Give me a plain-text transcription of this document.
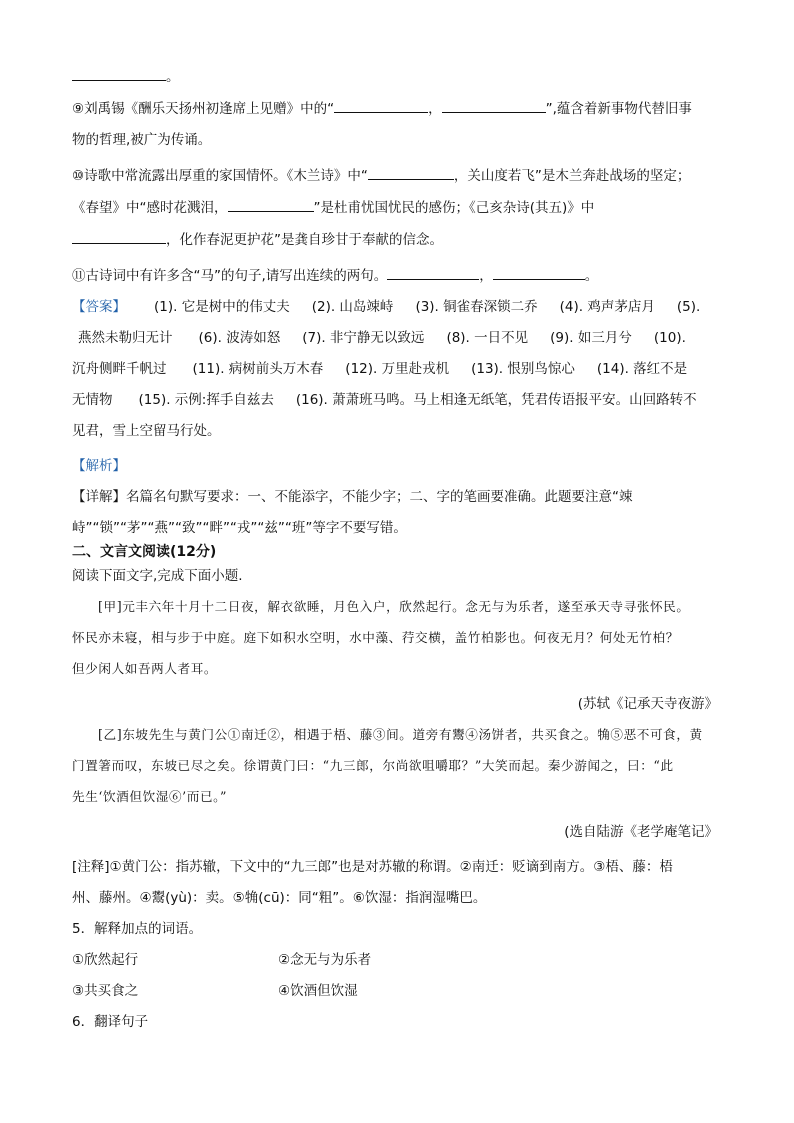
。
⑨刘禹锡《酬乐天扬州初逢席上见赠》中的“	，	”,蕴含着新事物代替旧事
物的哲理,被广为传诵。
⑩诗歌中常流露出厚重的家国情怀。《木兰诗》中“	，关山度若飞”是木兰奔赴战场的坚定；
《春望》中“感时花溅泪，	”是杜甫忧国忧民的感伤；《己亥杂诗(其五)》中
，化作春泥更护花”是龚自珍甘于奉献的信念。
⑪古诗词中有许多含“马”的句子,请写出连续的两句。	，	。
【答案】 (1). 它是树中的伟丈夫 (2). 山岛竦峙 (3). 铜雀春深锁二乔 (4). 鸡声茅店月 (5).
燕然未勒归无计 (6). 波涛如怒 (7). 非宁静无以致远 (8). 一日不见 (9). 如三月兮 (10).
沉舟侧畔千帆过 (11). 病树前头万木春 (12). 万里赴戎机 (13). 恨别鸟惊心 (14). 落红不是
无情物 (15). 示例:挥手自兹去 (16). 萧萧班马鸣。马上相逢无纸笔，凭君传语报平安。山回路转不
见君，雪上空留马行处。
【解析】
【详解】名篇名句默写要求：一、不能添字，不能少字；二、字的笔画要准确。此题要注意“竦
峙”“锁”“茅”“燕”“致”“畔”“戎”“兹”“班”等字不要写错。
二、文言文阅读(12分)
阅读下面文字,完成下面小题.
[甲]元丰六年十月十二日夜，解衣欲睡，月色入户，欣然起行。念无与为乐者，遂至承天寺寻张怀民。
怀民亦未寝，相与步于中庭。庭下如积水空明，水中藻、荇交横，盖竹柏影也。何夜无月？何处无竹柏？
但少闲人如吾两人者耳。
(苏轼《记承天寺夜游》
[乙]东坡先生与黄门公①南迁②，相遇于梧、藤③间。道旁有鬻④汤饼者，共买食之。觕⑤恶不可食，黄
门置箸而叹，东坡已尽之矣。徐谓黄门曰：“九三郎，尔尚欲咀嚼耶？”大笑而起。秦少游闻之，曰：“此
先生‘饮酒但饮湿⑥’而已。”
(选自陆游《老学庵笔记》
[注释]①黄门公：指苏辙，下文中的“九三郎”也是对苏辙的称谓。②南迁：贬谪到南方。③梧、藤：梧
州、藤州。④鬻(yù)：卖。⑤觕(cū)：同“粗”。⑥饮湿：指润湿嘴巴。
5．解释加点的词语。
①欣然起行	②念无与为乐者
③共买食之	④饮酒但饮湿
6．翻译句子
